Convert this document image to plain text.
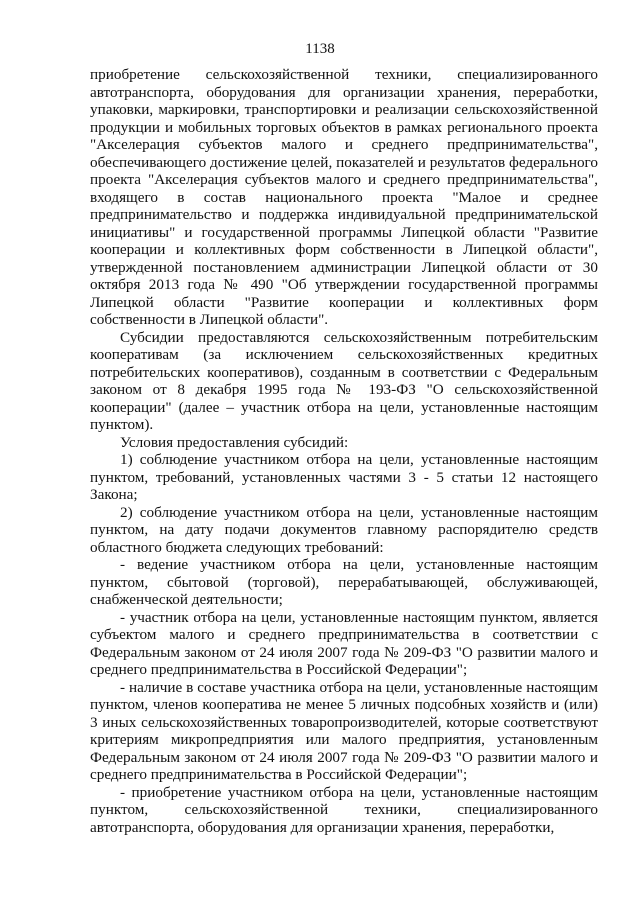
1138

приобретение сельскохозяйственной техники, специализированного автотранспорта, оборудования для организации хранения, переработки, упаковки, маркировки, транспортировки и реализации сельскохозяйственной продукции и мобильных торговых объектов в рамках регионального проекта "Акселерация субъектов малого и среднего предпринимательства", обеспечивающего достижение целей, показателей и результатов федерального проекта "Акселерация субъектов малого и среднего предпринимательства", входящего в состав национального проекта "Малое и среднее предпринимательство и поддержка индивидуальной предпринимательской инициативы" и государственной программы Липецкой области "Развитие кооперации и коллективных форм собственности в Липецкой области", утвержденной постановлением администрации Липецкой области от 30 октября 2013 года № 490 "Об утверждении государственной программы Липецкой области "Развитие кооперации и коллективных форм собственности в Липецкой области".

Субсидии предоставляются сельскохозяйственным потребительским кооперативам (за исключением сельскохозяйственных кредитных потребительских кооперативов), созданным в соответствии с Федеральным законом от 8 декабря 1995 года № 193-ФЗ "О сельскохозяйственной кооперации" (далее – участник отбора на цели, установленные настоящим пунктом).

Условия предоставления субсидий:

1) соблюдение участником отбора на цели, установленные настоящим пунктом, требований, установленных частями 3 - 5 статьи 12 настоящего Закона;

2) соблюдение участником отбора на цели, установленные настоящим пунктом, на дату подачи документов главному распорядителю средств областного бюджета следующих требований:

- ведение участником отбора на цели, установленные настоящим пунктом, сбытовой (торговой), перерабатывающей, обслуживающей, снабженческой деятельности;

- участник отбора на цели, установленные настоящим пунктом, является субъектом малого и среднего предпринимательства в соответствии с Федеральным законом от 24 июля 2007 года № 209-ФЗ "О развитии малого и среднего предпринимательства в Российской Федерации";

- наличие в составе участника отбора на цели, установленные настоящим пунктом, членов кооператива не менее 5 личных подсобных хозяйств и (или) 3 иных сельскохозяйственных товаропроизводителей, которые соответствуют критериям микропредприятия или малого предприятия, установленным Федеральным законом от 24 июля 2007 года № 209-ФЗ "О развитии малого и среднего предпринимательства в Российской Федерации";

- приобретение участником отбора на цели, установленные настоящим пунктом, сельскохозяйственной техники, специализированного автотранспорта, оборудования для организации хранения, переработки,
